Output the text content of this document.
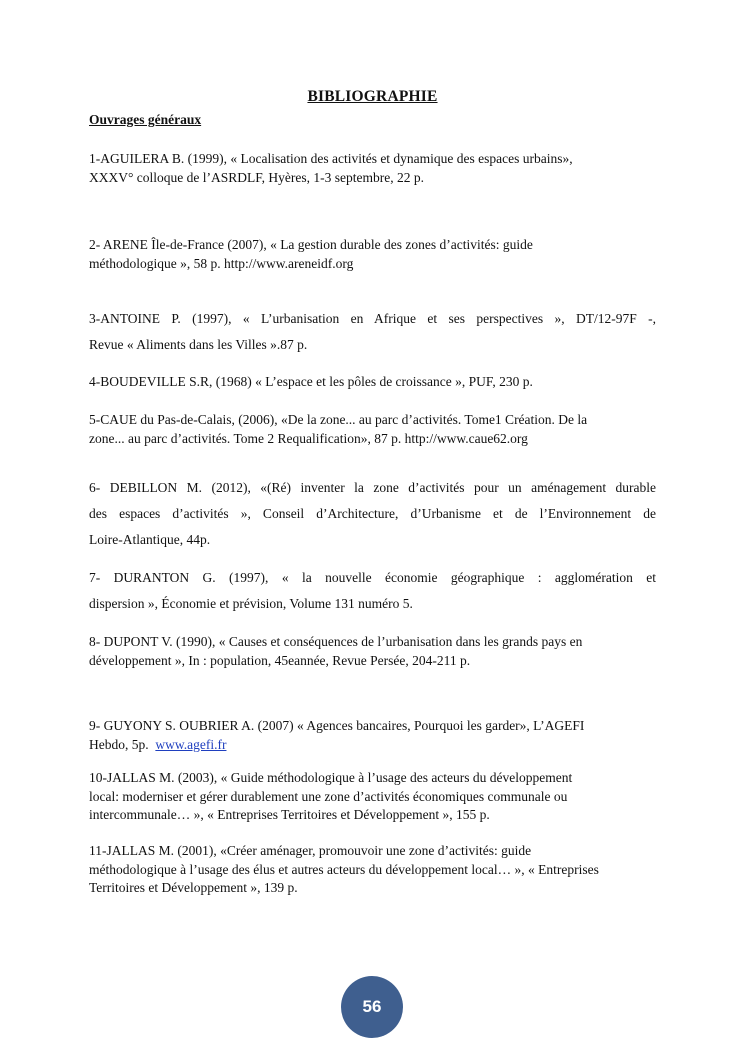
BIBLIOGRAPHIE
Ouvrages généraux
1-AGUILERA B. (1999), « Localisation des activités et dynamique des espaces urbains»,
XXXV° colloque de l’ASRDLF, Hyères, 1-3 septembre, 22 p.
2- ARENE Île-de-France (2007), « La gestion durable des zones d’activités: guide
méthodologique », 58 p. http://www.areneidf.org
3-ANTOINE P. (1997), « L’urbanisation en Afrique et ses perspectives », DT/12-97F -,
Revue « Aliments dans les Villes ».87 p.
4-BOUDEVILLE S.R, (1968) « L’espace et les pôles de croissance », PUF, 230 p.
5-CAUE du Pas-de-Calais, (2006), «De la zone... au parc d’activités. Tome1 Création. De la
zone... au parc d’activités. Tome 2 Requalification», 87 p. http://www.caue62.org
6- DEBILLON M. (2012), «(Ré) inventer la zone d’activités pour un aménagement durable
des espaces d’activités », Conseil d’Architecture, d’Urbanisme et de l’Environnement de
Loire-Atlantique, 44p.
7- DURANTON G. (1997), « la nouvelle économie géographique : agglomération et
dispersion », Économie et prévision, Volume 131 numéro 5.
8- DUPONT V. (1990), « Causes et conséquences de l’urbanisation dans les grands pays en
développement », In : population, 45eannée, Revue Persée, 204-211 p.
9- GUYONY S. OUBRIER A. (2007) « Agences bancaires, Pourquoi les garder», L’AGEFI
Hebdo, 5p. www.agefi.fr
10-JALLAS M. (2003), « Guide méthodologique à l’usage des acteurs du développement
local: moderniser et gérer durablement une zone d’activités économiques communale ou
intercommunale… », « Entreprises Territoires et Développement », 155 p.
11-JALLAS M. (2001), «Créer aménager, promouvoir une zone d’activités: guide
méthodologique à l’usage des élus et autres acteurs du développement local… », « Entreprises
Territoires et Développement », 139 p.
56
